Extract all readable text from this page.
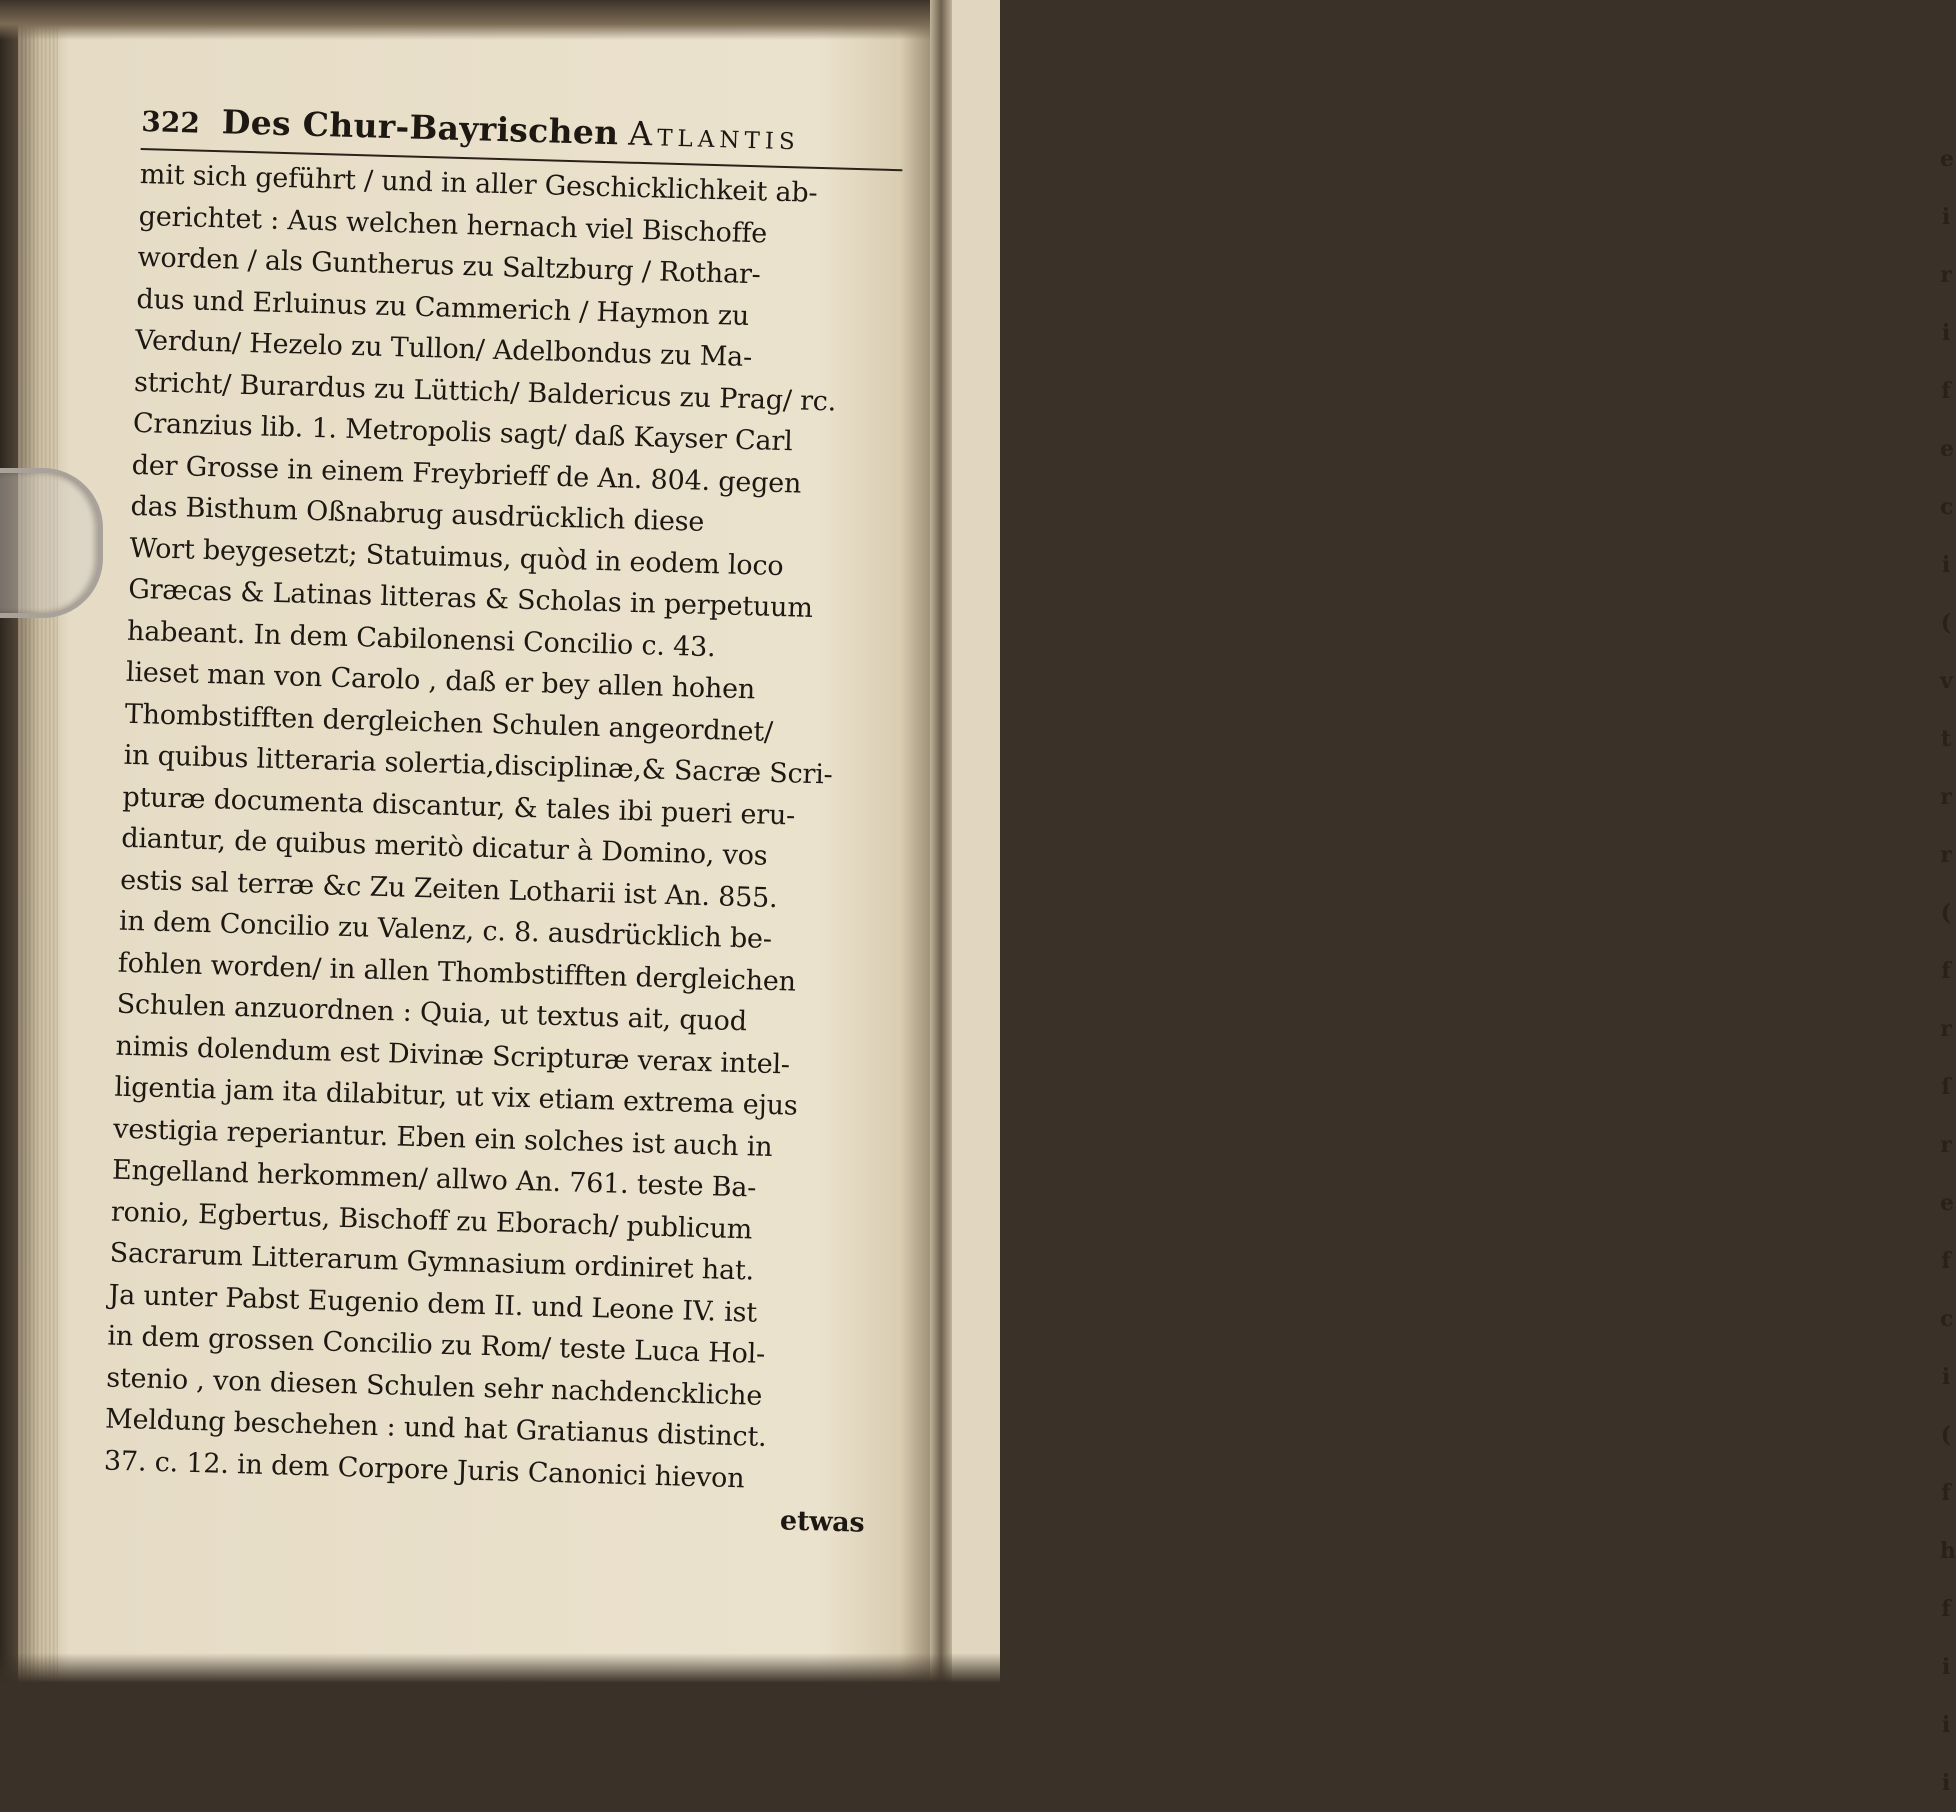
e
i
r
i
f
e
c
i
(
v
t
r
r
(
f
r
ſ
r
e
f
c
i
(
f
h
f
i
i
i
322 Des Chur-Bayrischen Atlantis
mit sich geführt / und in aller Geschicklichkeit ab-
gerichtet : Aus welchen hernach viel Bischoffe
worden / als Guntherus zu Saltzburg / Rothar-
dus und Erluinus zu Cammerich / Haymon zu
Verdun/ Hezelo zu Tullon/ Adelbondus zu Ma-
stricht/ Burardus zu Lüttich/ Baldericus zu Prag/ rc.
Cranzius lib. 1. Metropolis sagt/ daß Kayser Carl
der Grosse in einem Freybrieff de An. 804. gegen
das Bisthum Oßnabrug ausdrücklich diese
Wort beygesetzt; Statuimus, quòd in eodem loco
Græcas & Latinas litteras & Scholas in perpetuum
habeant. In dem Cabilonensi Concilio c. 43.
lieset man von Carolo , daß er bey allen hohen
Thombstifften dergleichen Schulen angeordnet/
in quibus litteraria solertia,disciplinæ,& Sacræ Scri-
pturæ documenta discantur, & tales ibi pueri eru-
diantur, de quibus meritò dicatur à Domino, vos
estis sal terræ &c Zu Zeiten Lotharii ist An. 855.
in dem Concilio zu Valenz, c. 8. ausdrücklich be-
fohlen worden/ in allen Thombstifften dergleichen
Schulen anzuordnen : Quia, ut textus ait, quod
nimis dolendum est Divinæ Scripturæ verax intel-
ligentia jam ita dilabitur, ut vix etiam extrema ejus
vestigia reperiantur. Eben ein solches ist auch in
Engelland herkommen/ allwo An. 761. teste Ba-
ronio, Egbertus, Bischoff zu Eborach/ publicum
Sacrarum Litterarum Gymnasium ordiniret hat.
Ja unter Pabst Eugenio dem II. und Leone IV. ist
in dem grossen Concilio zu Rom/ teste Luca Hol-
stenio , von diesen Schulen sehr nachdenckliche
Meldung beschehen : und hat Gratianus distinct.
37. c. 12. in dem Corpore Juris Canonici hievon
etwas
